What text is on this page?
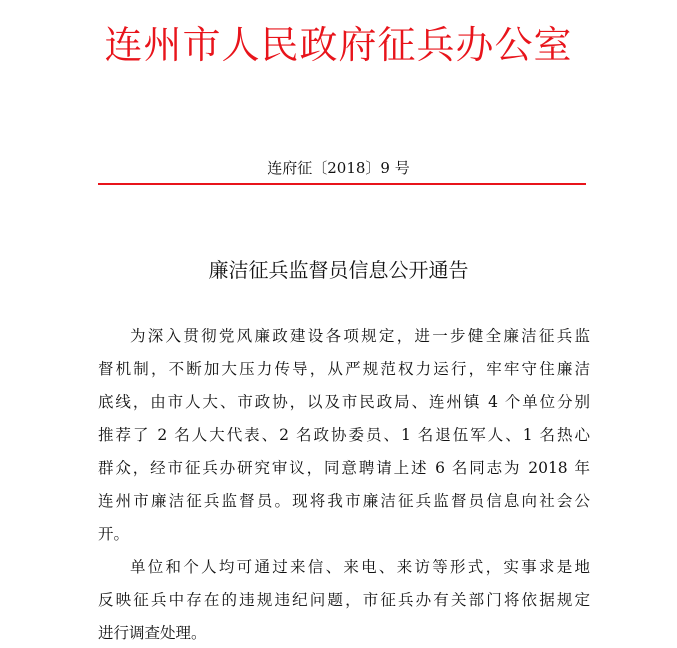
连州市人民政府征兵办公室
连府征〔2018〕9 号
廉洁征兵监督员信息公开通告
为深入贯彻党风廉政建设各项规定，进一步健全廉洁征兵监
督机制，不断加大压力传导，从严规范权力运行，牢牢守住廉洁
底线，由市人大、市政协，以及市民政局、连州镇 4 个单位分别
推荐了 2 名人大代表、2 名政协委员、1 名退伍军人、1 名热心
群众，经市征兵办研究审议，同意聘请上述 6 名同志为 2018 年
连州市廉洁征兵监督员。现将我市廉洁征兵监督员信息向社会公
开。
单位和个人均可通过来信、来电、来访等形式，实事求是地
反映征兵中存在的违规违纪问题，市征兵办有关部门将依据规定
进行调查处理。
